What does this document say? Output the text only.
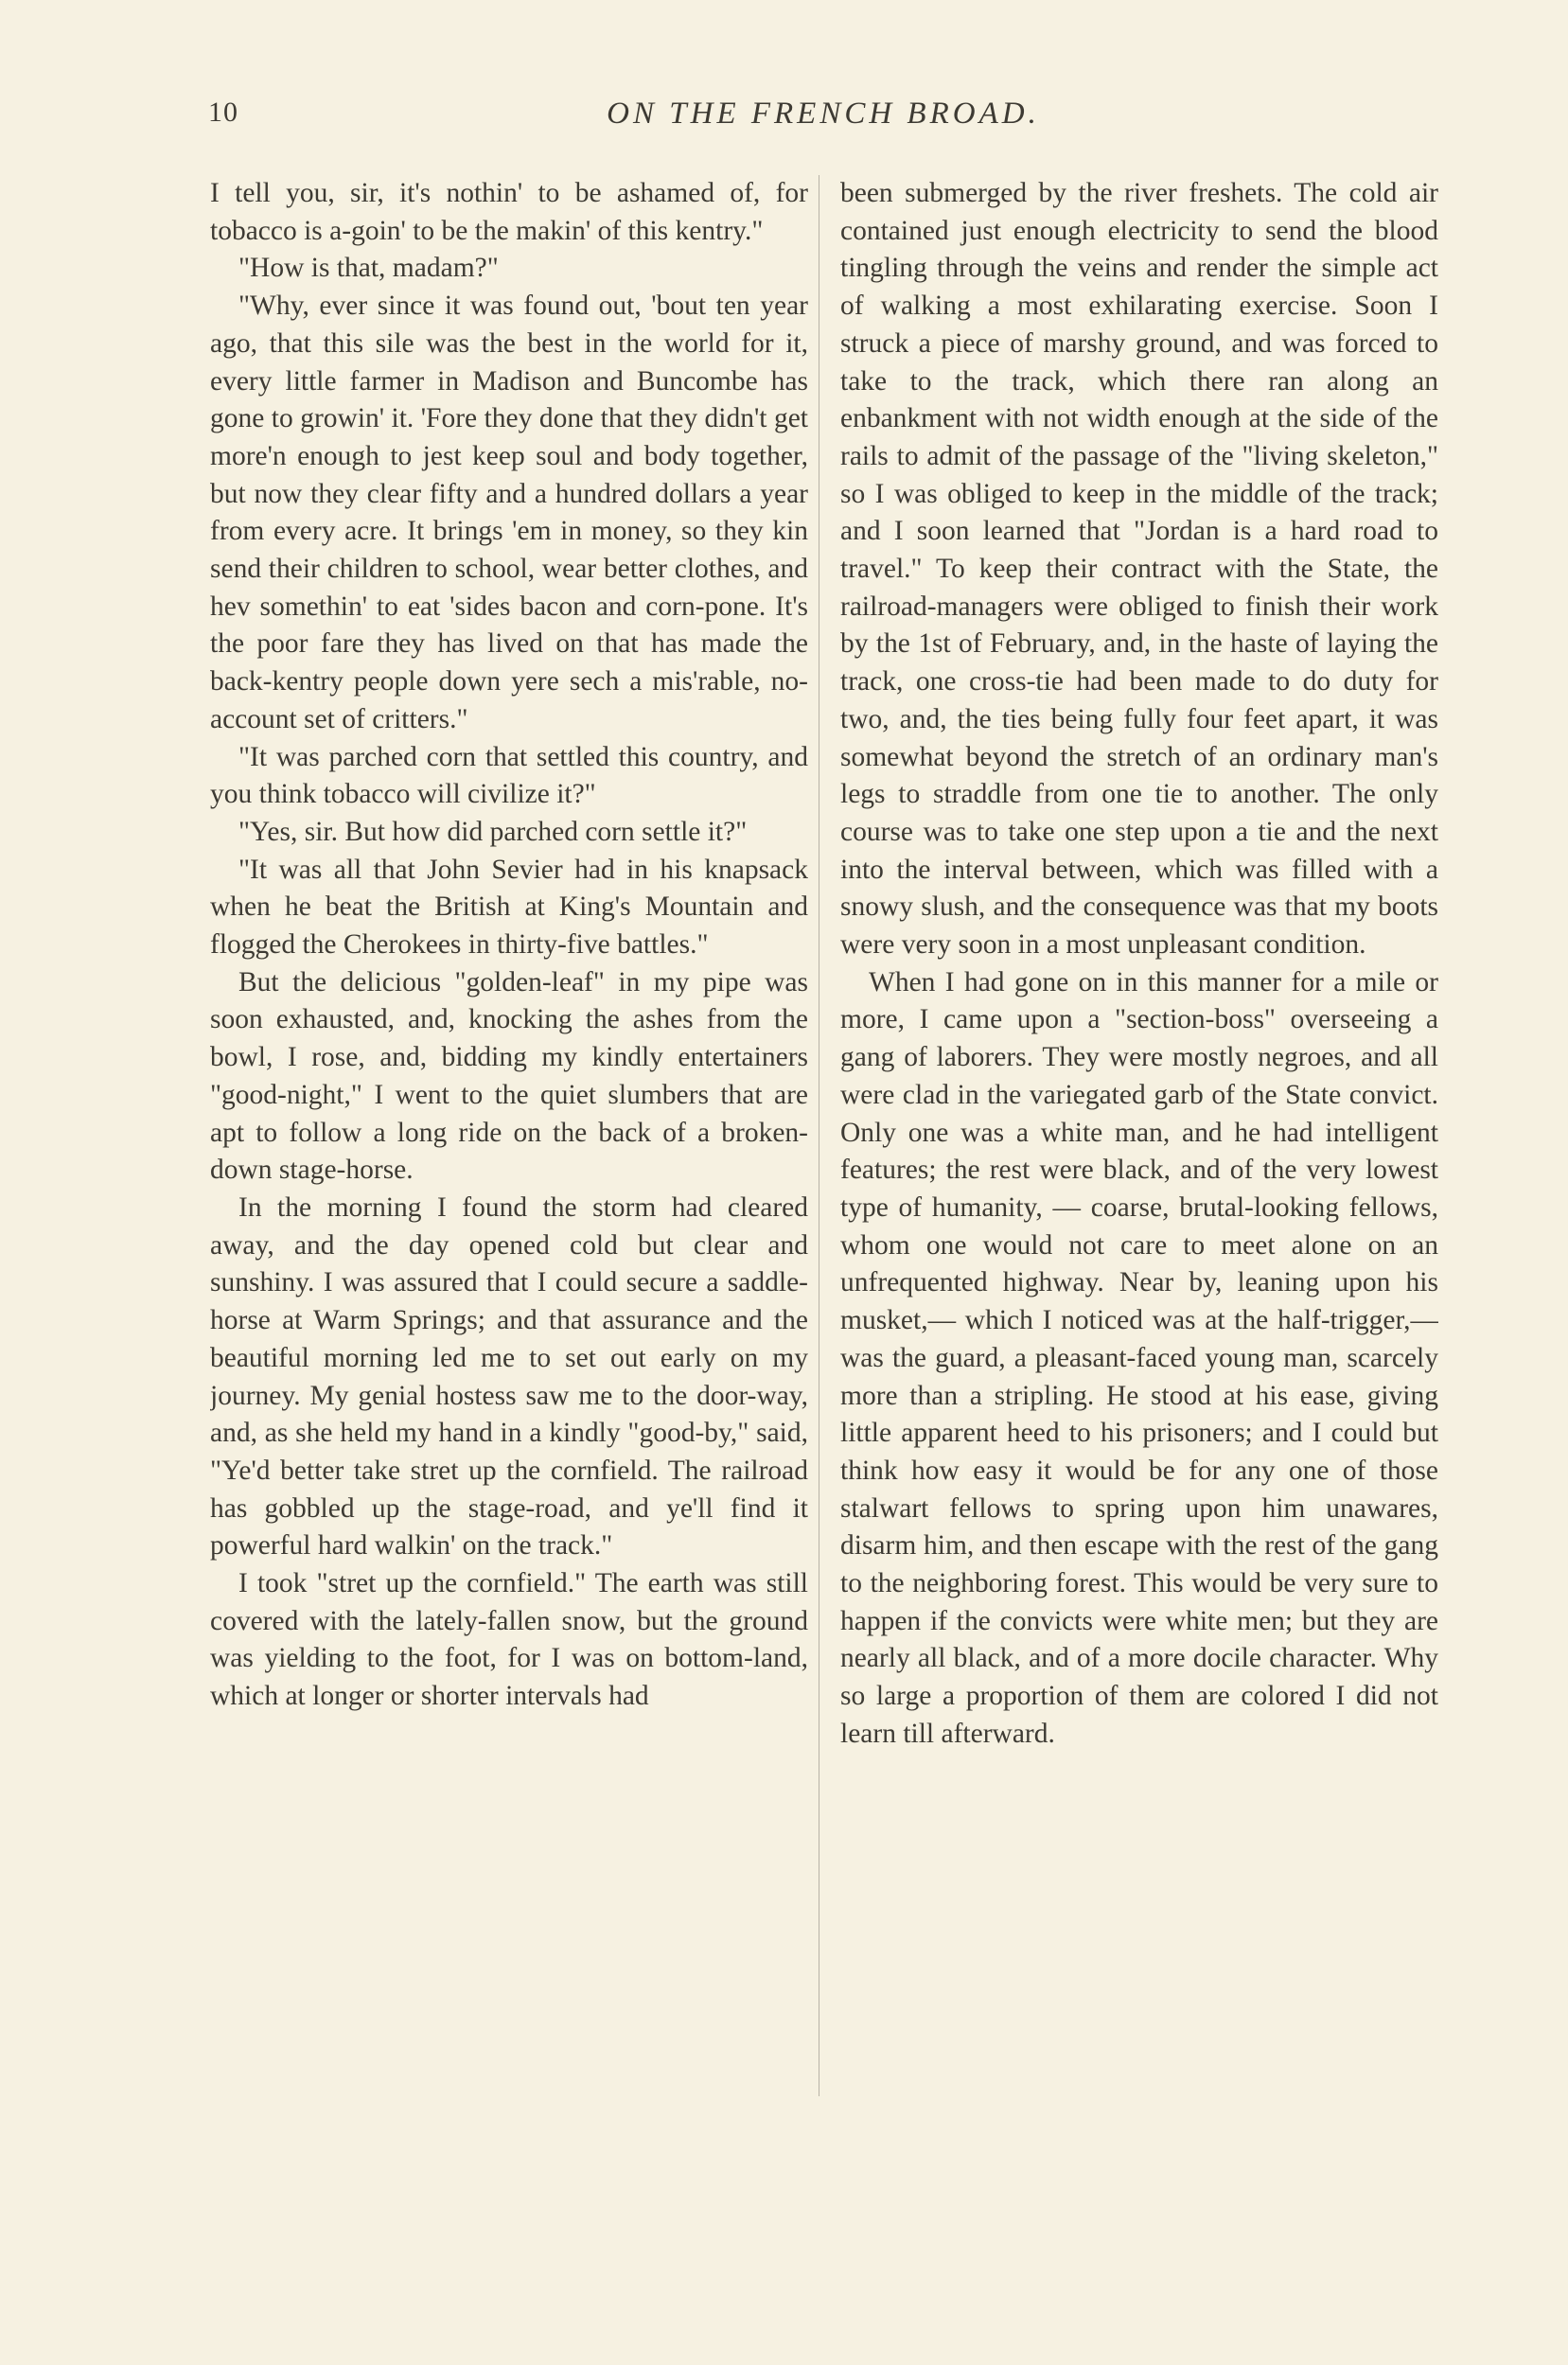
10	ON THE FRENCH BROAD.

I tell you, sir, it's nothin' to be ashamed of, for tobacco is a-goin' to be the makin' of this kentry."

"How is that, madam?"

"Why, ever since it was found out, 'bout ten year ago, that this sile was the best in the world for it, every little farmer in Madison and Buncombe has gone to growin' it. 'Fore they done that they didn't get more'n enough to jest keep soul and body together, but now they clear fifty and a hundred dollars a year from every acre. It brings 'em in money, so they kin send their children to school, wear better clothes, and hev somethin' to eat 'sides bacon and corn-pone. It's the poor fare they has lived on that has made the back-kentry people down yere sech a mis'rable, no-account set of critters."

"It was parched corn that settled this country, and you think tobacco will civilize it?"

"Yes, sir. But how did parched corn settle it?"

"It was all that John Sevier had in his knapsack when he beat the British at King's Mountain and flogged the Cherokees in thirty-five battles."

But the delicious "golden-leaf" in my pipe was soon exhausted, and, knocking the ashes from the bowl, I rose, and, bidding my kindly entertainers "good-night," I went to the quiet slumbers that are apt to follow a long ride on the back of a broken-down stage-horse.

In the morning I found the storm had cleared away, and the day opened cold but clear and sunshiny. I was assured that I could secure a saddle-horse at Warm Springs; and that assurance and the beautiful morning led me to set out early on my journey. My genial hostess saw me to the door-way, and, as she held my hand in a kindly "good-by," said, "Ye'd better take stret up the cornfield. The railroad has gobbled up the stage-road, and ye'll find it powerful hard walkin' on the track."

I took "stret up the cornfield." The earth was still covered with the lately-fallen snow, but the ground was yielding to the foot, for I was on bottom-land, which at longer or shorter intervals had

been submerged by the river freshets. The cold air contained just enough electricity to send the blood tingling through the veins and render the simple act of walking a most exhilarating exercise. Soon I struck a piece of marshy ground, and was forced to take to the track, which there ran along an enbankment with not width enough at the side of the rails to admit of the passage of the "living skeleton," so I was obliged to keep in the middle of the track; and I soon learned that "Jordan is a hard road to travel." To keep their contract with the State, the railroad-managers were obliged to finish their work by the 1st of February, and, in the haste of laying the track, one cross-tie had been made to do duty for two, and, the ties being fully four feet apart, it was somewhat beyond the stretch of an ordinary man's legs to straddle from one tie to another. The only course was to take one step upon a tie and the next into the interval between, which was filled with a snowy slush, and the consequence was that my boots were very soon in a most unpleasant condition.

When I had gone on in this manner for a mile or more, I came upon a "section-boss" overseeing a gang of laborers. They were mostly negroes, and all were clad in the variegated garb of the State convict. Only one was a white man, and he had intelligent features; the rest were black, and of the very lowest type of humanity, — coarse, brutal-looking fellows, whom one would not care to meet alone on an unfrequented highway. Near by, leaning upon his musket,— which I noticed was at the half-trigger,— was the guard, a pleasant-faced young man, scarcely more than a stripling. He stood at his ease, giving little apparent heed to his prisoners; and I could but think how easy it would be for any one of those stalwart fellows to spring upon him unawares, disarm him, and then escape with the rest of the gang to the neighboring forest. This would be very sure to happen if the convicts were white men; but they are nearly all black, and of a more docile character. Why so large a proportion of them are colored I did not learn till afterward.
